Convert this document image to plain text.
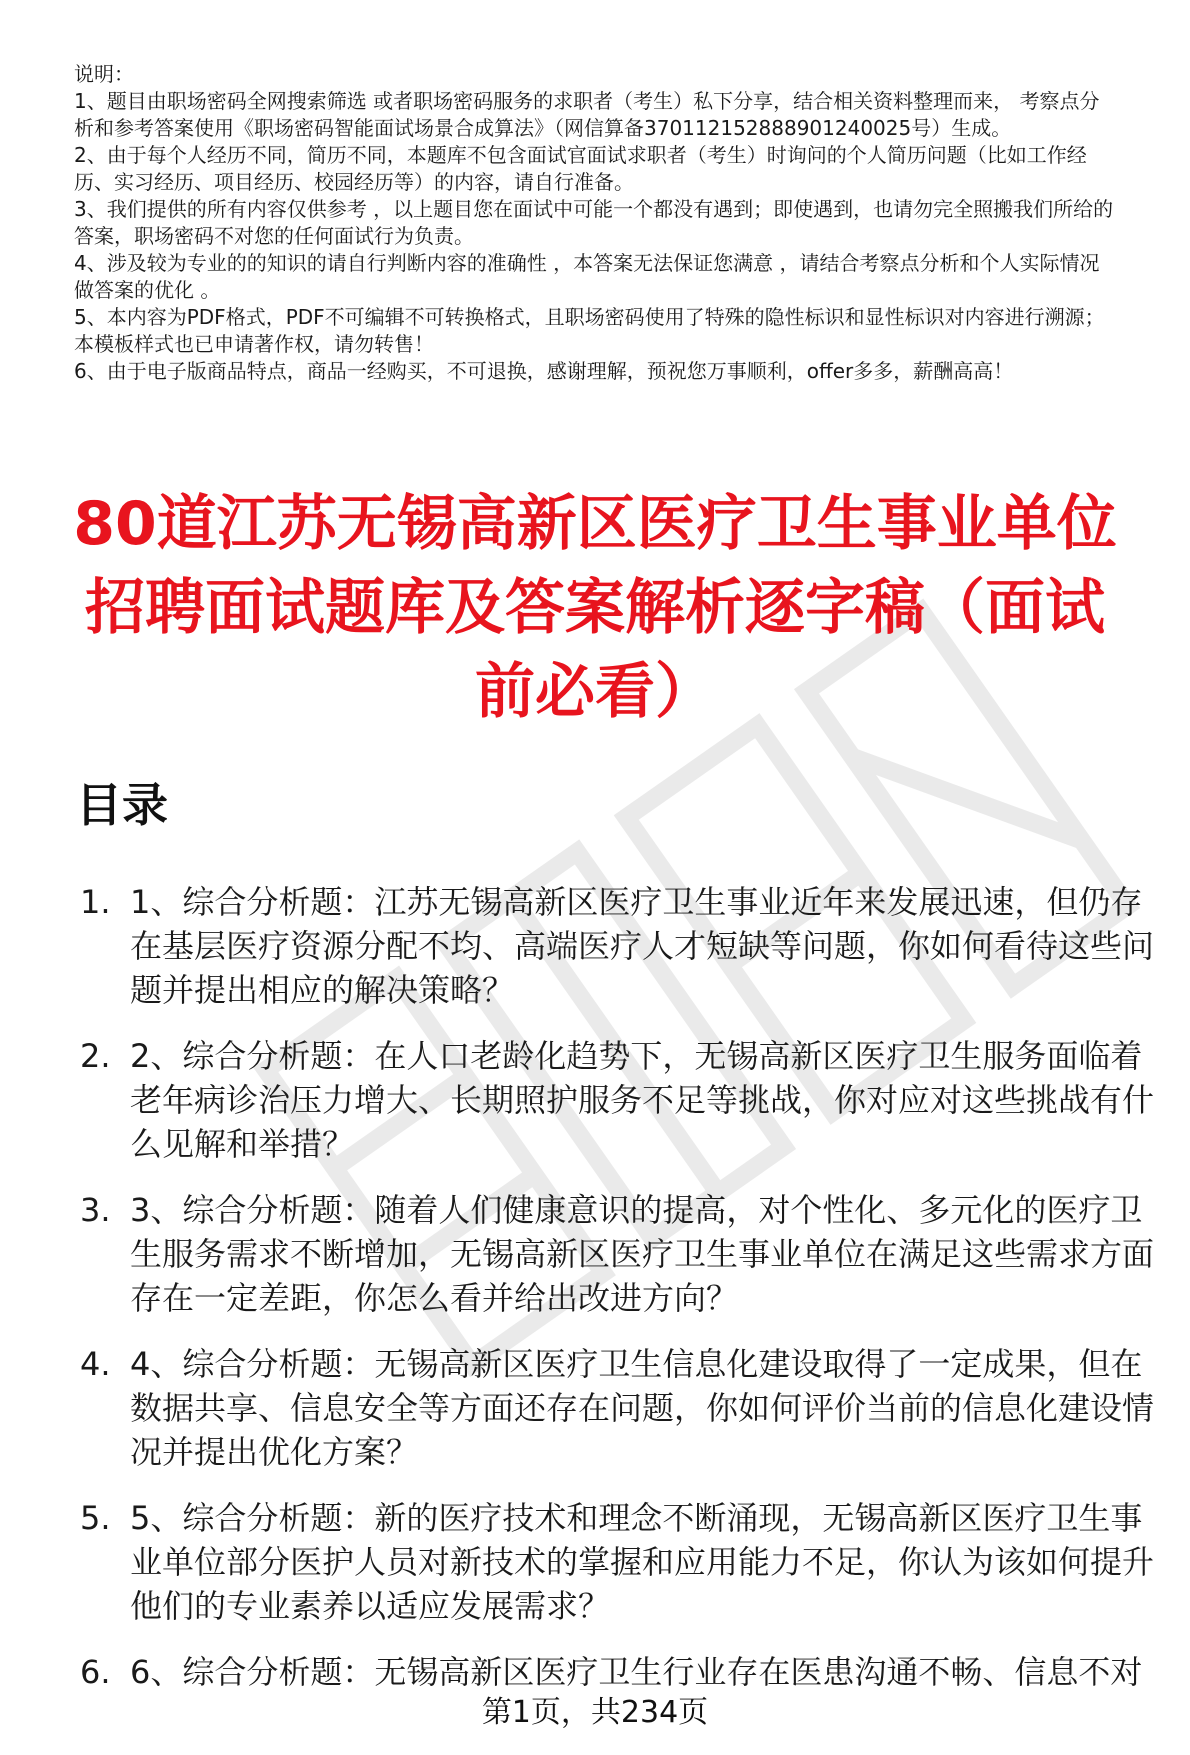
说明：
1、题目由职场密码全网搜索筛选 或者职场密码服务的求职者（考生）私下分享，结合相关资料整理而来， 考察点分析和参考答案使用《职场密码智能面试场景合成算法》（网信算备370112152888901240025号）生成。
2、由于每个人经历不同，简历不同，本题库不包含面试官面试求职者（考生）时询问的个人简历问题（比如工作经历、实习经历、项目经历、校园经历等）的内容，请自行准备。
3、我们提供的所有内容仅供参考 ，以上题目您在面试中可能一个都没有遇到；即使遇到，也请勿完全照搬我们所给的答案，职场密码不对您的任何面试行为负责。
4、涉及较为专业的的知识的请自行判断内容的准确性 ，本答案无法保证您满意 ，请结合考察点分析和个人实际情况做答案的优化 。
5、本内容为PDF格式，PDF不可编辑不可转换格式，且职场密码使用了特殊的隐性标识和显性标识对内容进行溯源；本模板样式也已申请著作权，请勿转售！
6、由于电子版商品特点，商品一经购买，不可退换，感谢理解，预祝您万事顺利，offer多多，薪酬高高！
80道江苏无锡高新区医疗卫生事业单位招聘面试题库及答案解析逐字稿（面试前必看）
目录
1. 1、综合分析题：江苏无锡高新区医疗卫生事业近年来发展迅速，但仍存在基层医疗资源分配不均、高端医疗人才短缺等问题，你如何看待这些问题并提出相应的解决策略？
2. 2、综合分析题：在人口老龄化趋势下，无锡高新区医疗卫生服务面临着老年病诊治压力增大、长期照护服务不足等挑战，你对应对这些挑战有什么见解和举措？
3. 3、综合分析题：随着人们健康意识的提高，对个性化、多元化的医疗卫生服务需求不断增加，无锡高新区医疗卫生事业单位在满足这些需求方面存在一定差距，你怎么看并给出改进方向？
4. 4、综合分析题：无锡高新区医疗卫生信息化建设取得了一定成果，但在数据共享、信息安全等方面还存在问题，你如何评价当前的信息化建设情况并提出优化方案？
5. 5、综合分析题：新的医疗技术和理念不断涌现，无锡高新区医疗卫生事业单位部分医护人员对新技术的掌握和应用能力不足，你认为该如何提升他们的专业素养以适应发展需求？
6. 6、综合分析题：无锡高新区医疗卫生行业存在医患沟通不畅、信息不对
第1页，共234页
